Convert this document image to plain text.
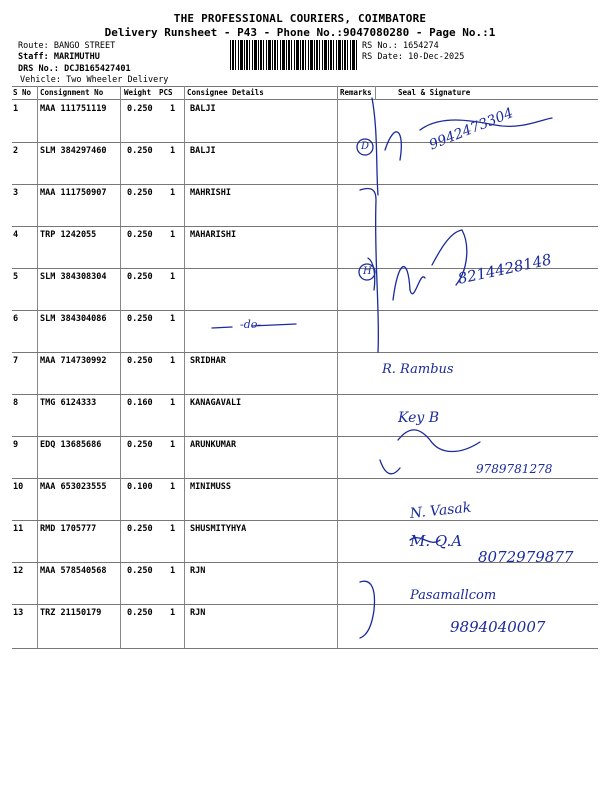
THE PROFESSIONAL COURIERS, COIMBATORE
Delivery Runsheet - P43 - Phone No.:9047080280 - Page No.:1
Route: BANGO STREET
Staff: MARIMUTHU
DRS No.: DCJB165427401
Vehicle: Two Wheeler Delivery
RS No.: 1654274
RS Date: 10-Dec-2025
S No Consignment No	Weight PCS Consignee Details	Remarks	Seal & Signature
1	MAA 111751119 0.250 1 BALJI
2	SLM 384297460 0.250 1 BALJI
3	MAA 111750907 0.250 1 MAHRISHI
4	TRP 1242055	0.250 1 MAHARISHI
5	SLM 384308304 0.250 1
6	SLM 384304086 0.250 1
7	MAA 714730992 0.250 1 SRIDHAR
8	TMG 6124333	0.160 1 KANAGAVALI
9	EDQ 13685686	0.250 1 ARUNKUMAR
10 MAA 653023555 0.100 1 MINIMUSS
11 RMD 1705777	0.250 1 SHUSMITYHYA
12 MAA 578540568 0.250 1 RJN
13 TRZ 21150179	0.250 1 RJN
D
H
9942473304
8214428148
-do-
R. Rambus
Key B
9789781278
N. Vasak
M. Q.A
8072979877
Pasamallcom
9894040007
